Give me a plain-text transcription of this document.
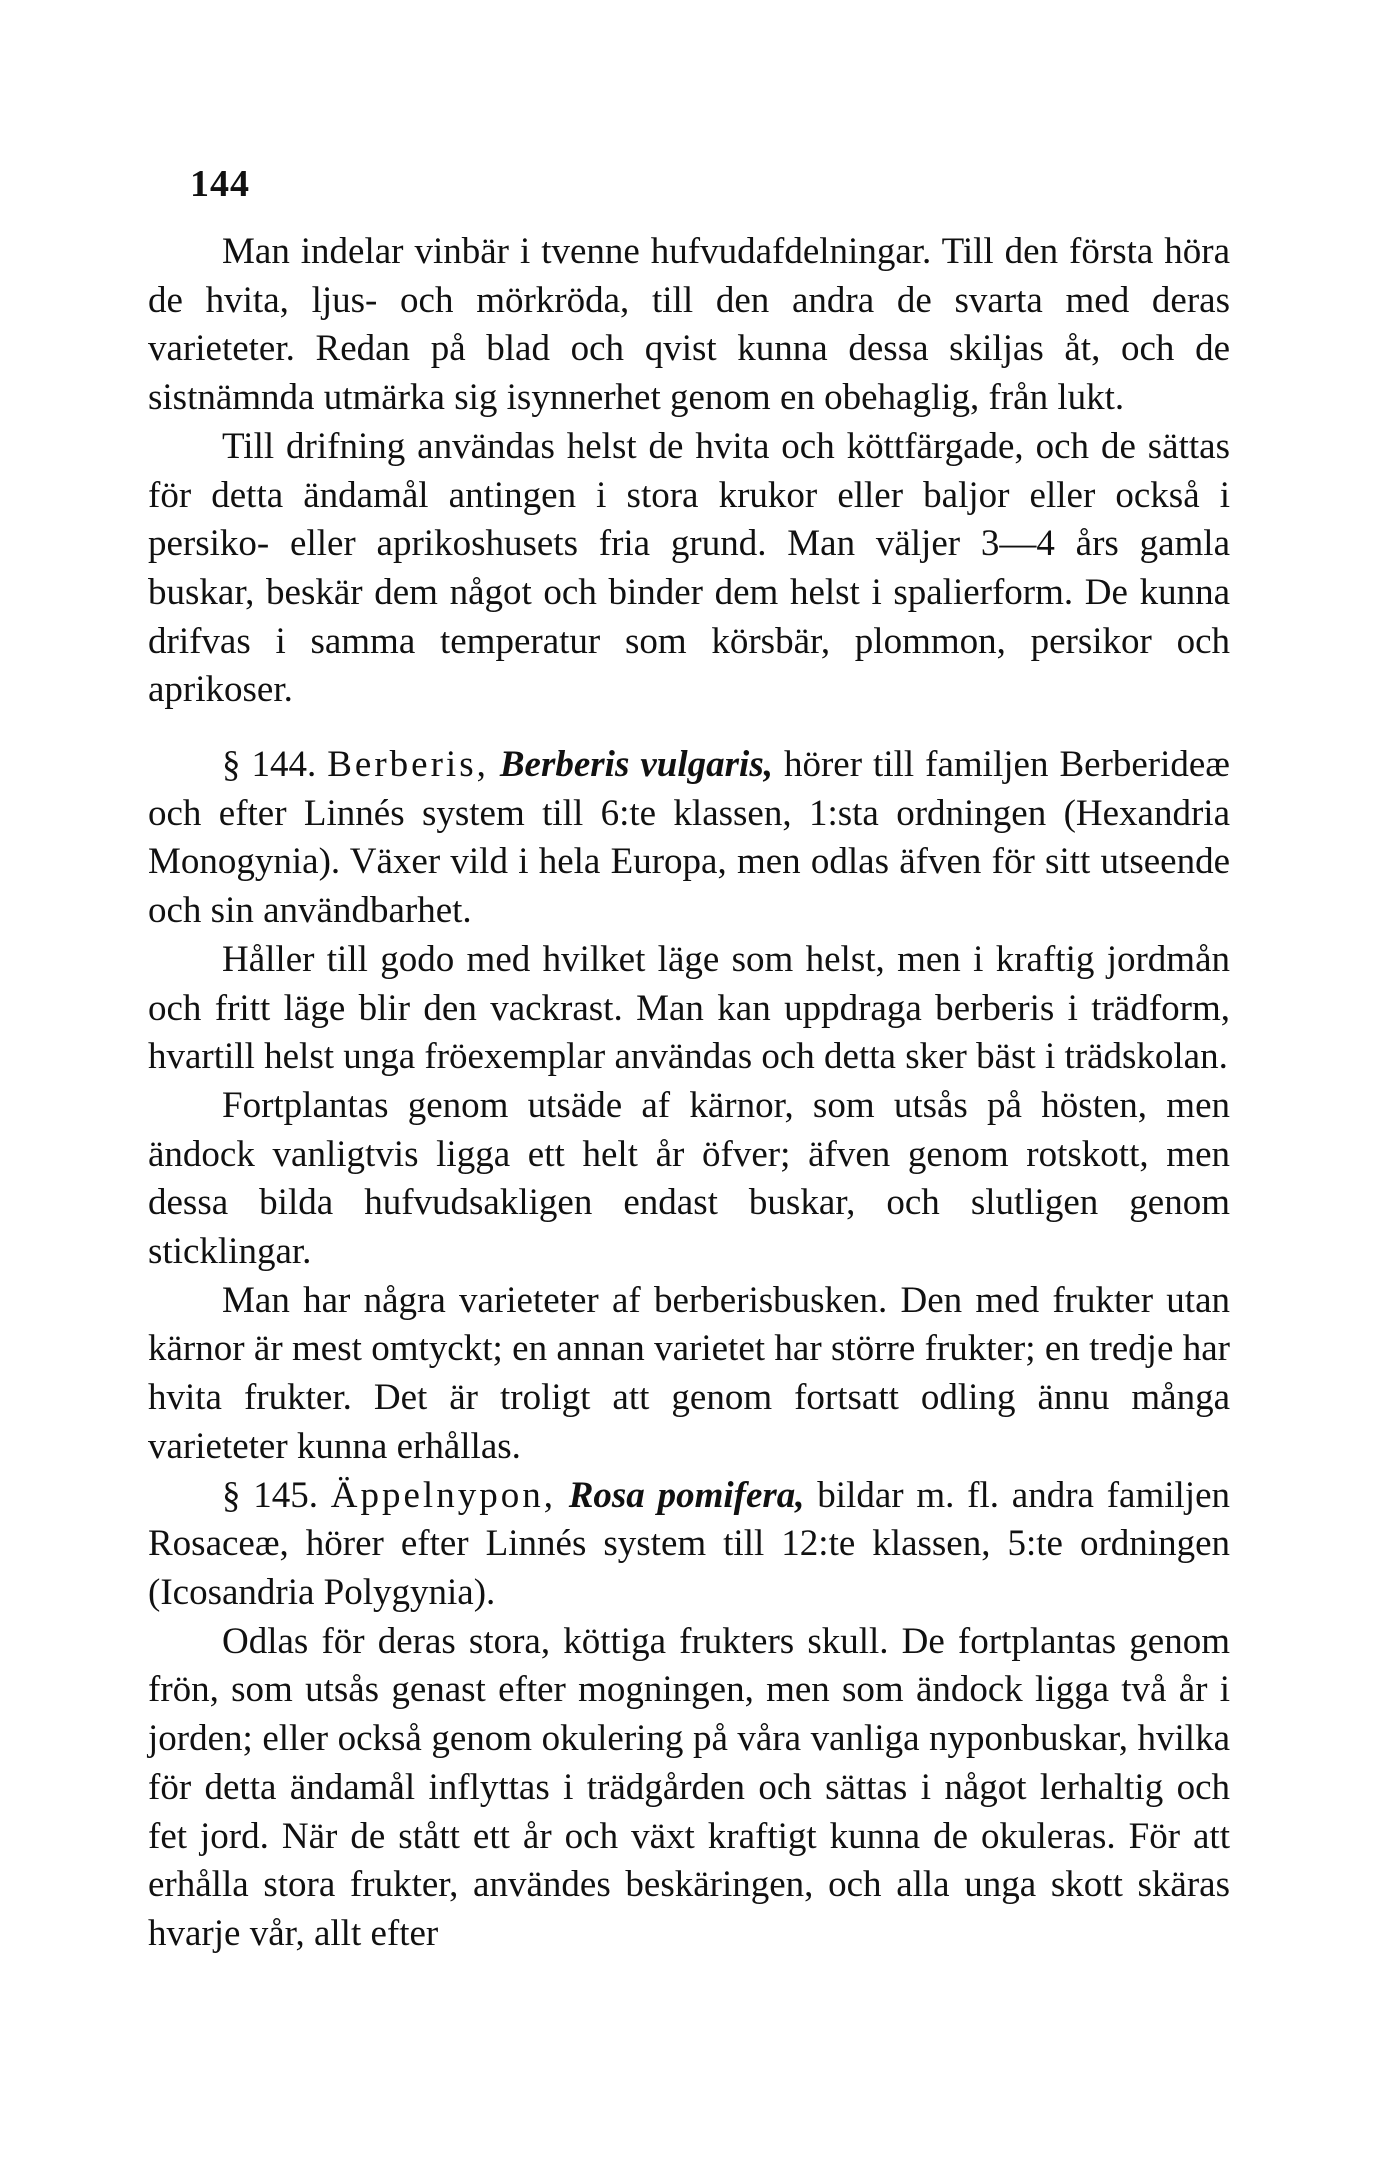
144

Man indelar vinbär i tvenne hufvudafdelningar. Till den första höra de hvita, ljus- och mörkröda, till den andra de svarta med deras varieteter. Redan på blad och qvist kunna dessa skiljas åt, och de sistnämnda utmärka sig isynnerhet genom en obehaglig, från lukt.

Till drifning användas helst de hvita och köttfärgade, och de sättas för detta ändamål antingen i stora krukor eller baljor eller också i persiko- eller aprikoshusets fria grund. Man väljer 3—4 års gamla buskar, beskär dem något och binder dem helst i spalierform. De kunna drifvas i samma temperatur som körsbär, plommon, persikor och aprikoser.

§ 144. Berberis, Berberis vulgaris, hörer till familjen Berberideæ och efter Linnés system till 6:te klassen, 1:sta ordningen (Hexandria Monogynia). Växer vild i hela Europa, men odlas äfven för sitt utseende och sin användbarhet.

Håller till godo med hvilket läge som helst, men i kraftig jordmån och fritt läge blir den vackrast. Man kan uppdraga berberis i trädform, hvartill helst unga fröexemplar användas och detta sker bäst i trädskolan.

Fortplantas genom utsäde af kärnor, som utsås på hösten, men ändock vanligtvis ligga ett helt år öfver; äfven genom rotskott, men dessa bilda hufvudsakligen endast buskar, och slutligen genom sticklingar.

Man har några varieteter af berberisbusken. Den med frukter utan kärnor är mest omtyckt; en annan varietet har större frukter; en tredje har hvita frukter. Det är troligt att genom fortsatt odling ännu många varieteter kunna erhållas.

§ 145. Äppelnypon, Rosa pomifera, bildar m. fl. andra familjen Rosaceæ, hörer efter Linnés system till 12:te klassen, 5:te ordningen (Icosandria Polygynia).

Odlas för deras stora, köttiga frukters skull. De fortplantas genom frön, som utsås genast efter mogningen, men som ändock ligga två år i jorden; eller också genom okulering på våra vanliga nyponbuskar, hvilka för detta ändamål inflyttas i trädgården och sättas i något lerhaltig och fet jord. När de stått ett år och växt kraftigt kunna de okuleras. För att erhålla stora frukter, användes beskäringen, och alla unga skott skäras hvarje vår, allt efter
